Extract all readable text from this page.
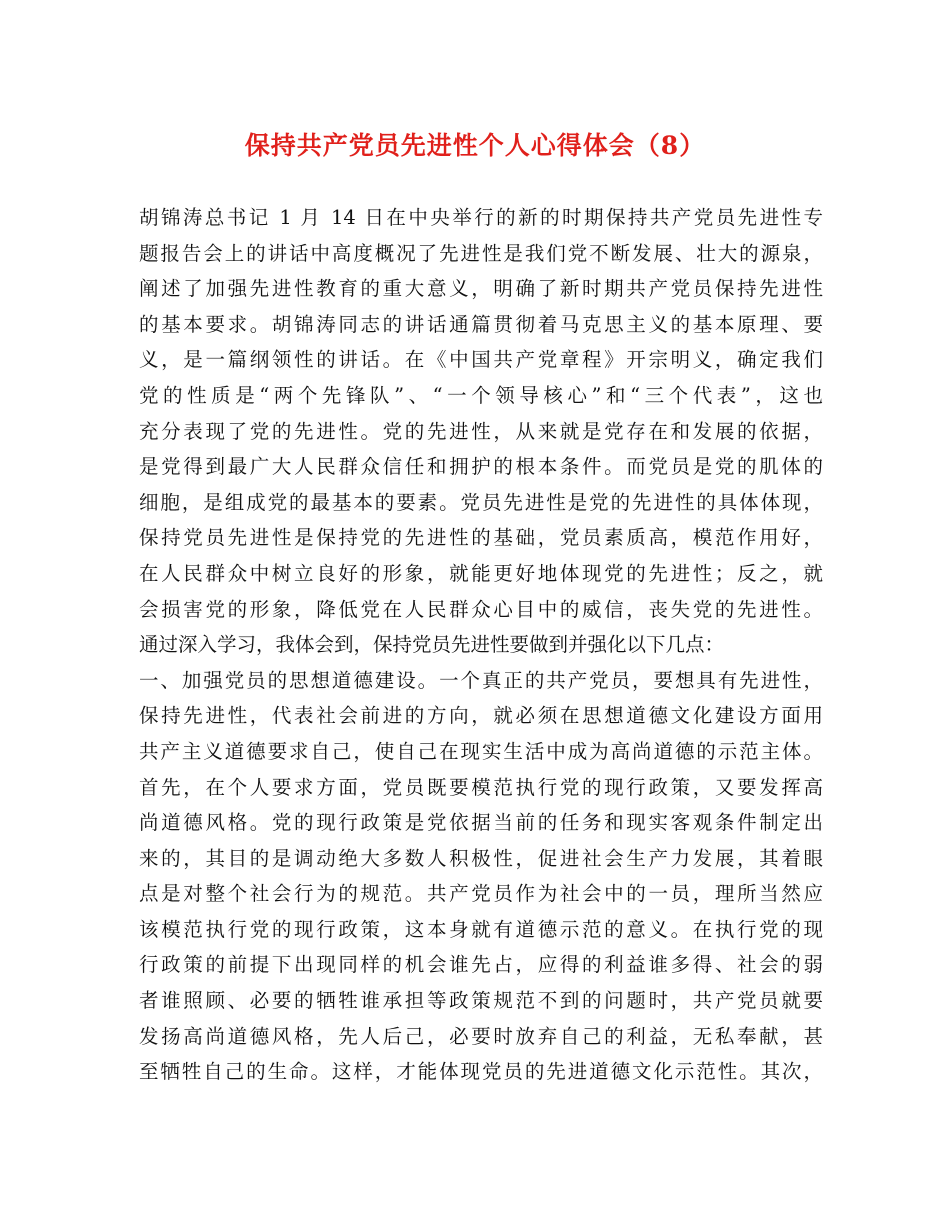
保持共产党员先进性个人心得体会（8）
胡锦涛总书记 1 月 14 日在中央举行的新的时期保持共产党员先进性专
题报告会上的讲话中高度概况了先进性是我们党不断发展、壮大的源泉，
阐述了加强先进性教育的重大意义，明确了新时期共产党员保持先进性
的基本要求。胡锦涛同志的讲话通篇贯彻着马克思主义的基本原理、要
义，是一篇纲领性的讲话。在《中国共产党章程》开宗明义，确定我们
党的性质是“两个先锋队”、“一个领导核心”和“三个代表”，这也
充分表现了党的先进性。党的先进性，从来就是党存在和发展的依据，
是党得到最广大人民群众信任和拥护的根本条件。而党员是党的肌体的
细胞，是组成党的最基本的要素。党员先进性是党的先进性的具体体现，
保持党员先进性是保持党的先进性的基础，党员素质高，模范作用好，
在人民群众中树立良好的形象，就能更好地体现党的先进性；反之，就
会损害党的形象，降低党在人民群众心目中的威信，丧失党的先进性。
通过深入学习，我体会到，保持党员先进性要做到并强化以下几点：
一、加强党员的思想道德建设。一个真正的共产党员，要想具有先进性，
保持先进性，代表社会前进的方向，就必须在思想道德文化建设方面用
共产主义道德要求自己，使自己在现实生活中成为高尚道德的示范主体。
首先，在个人要求方面，党员既要模范执行党的现行政策，又要发挥高
尚道德风格。党的现行政策是党依据当前的任务和现实客观条件制定出
来的，其目的是调动绝大多数人积极性，促进社会生产力发展，其着眼
点是对整个社会行为的规范。共产党员作为社会中的一员，理所当然应
该模范执行党的现行政策，这本身就有道德示范的意义。在执行党的现
行政策的前提下出现同样的机会谁先占，应得的利益谁多得、社会的弱
者谁照顾、必要的牺牲谁承担等政策规范不到的问题时，共产党员就要
发扬高尚道德风格，先人后己，必要时放弃自己的利益，无私奉献，甚
至牺牲自己的生命。这样，才能体现党员的先进道德文化示范性。其次，
